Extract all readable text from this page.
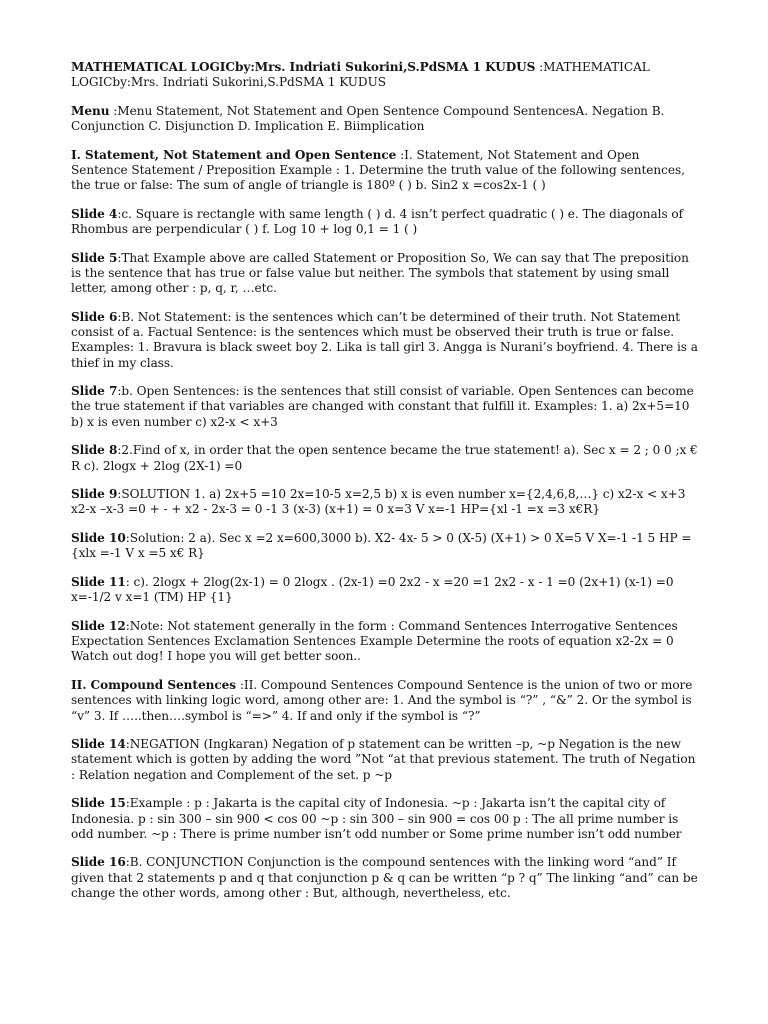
MATHEMATICAL LOGICby:Mrs. Indriati Sukorini,S.PdSMA 1 KUDUS :MATHEMATICAL LOGICby:Mrs. Indriati Sukorini,S.PdSMA 1 KUDUS

Menu :Menu Statement, Not Statement and Open Sentence Compound SentencesA. Negation B. Conjunction C. Disjunction D. Implication E. Biimplication

I. Statement, Not Statement and Open Sentence :I. Statement, Not Statement and Open Sentence Statement / Preposition Example : 1. Determine the truth value of the following sentences, the true or false: The sum of angle of triangle is 180º ( ) b. Sin2 x =cos2x-1 ( )

Slide 4:c. Square is rectangle with same length ( ) d. 4 isn’t perfect quadratic ( ) e. The diagonals of Rhombus are perpendicular ( ) f. Log 10 + log 0,1 = 1 ( )

Slide 5:That Example above are called Statement or Proposition So, We can say that The preposition is the sentence that has true or false value but neither. The symbols that statement by using small letter, among other : p, q, r, …etc.

Slide 6:B. Not Statement: is the sentences which can’t be determined of their truth. Not Statement consist of a. Factual Sentence: is the sentences which must be observed their truth is true or false. Examples: 1. Bravura is black sweet boy 2. Lika is tall girl 3. Angga is Nurani’s boyfriend. 4. There is a thief in my class.

Slide 7:b. Open Sentences: is the sentences that still consist of variable. Open Sentences can become the true statement if that variables are changed with constant that fulfill it. Examples: 1. a) 2x+5=10 b) x is even number c) x2-x < x+3

Slide 8:2.Find of x, in order that the open sentence became the true statement! a). Sec x = 2 ; 0 0 ;x € R c). 2logx + 2log (2X-1) =0

Slide 9:SOLUTION 1. a) 2x+5 =10 2x=10-5 x=2,5 b) x is even number x={2,4,6,8,…} c) x2-x < x+3 x2-x –x-3 =0 + - + x2 - 2x-3 = 0 -1 3 (x-3) (x+1) = 0 x=3 V x=-1 HP={xl -1 =x =3 x€R}

Slide 10:Solution: 2 a). Sec x =2 x=600,3000 b). X2- 4x- 5 > 0 (X-5) (X+1) > 0 X=5 V X=-1 -1 5 HP ={xlx =-1 V x =5 x€ R}

Slide 11: c). 2logx + 2log(2x-1) = 0 2logx . (2x-1) =0 2x2 - x =20 =1 2x2 - x - 1 =0 (2x+1) (x-1) =0 x=-1/2 v x=1 (TM) HP {1}

Slide 12:Note: Not statement generally in the form : Command Sentences Interrogative Sentences Expectation Sentences Exclamation Sentences Example Determine the roots of equation x2-2x = 0 Watch out dog! I hope you will get better soon..

II. Compound Sentences :II. Compound Sentences Compound Sentence is the union of two or more sentences with linking logic word, among other are: 1. And the symbol is “?” , “&” 2. Or the symbol is “v” 3. If …..then….symbol is “=>” 4. If and only if the symbol is “?”

Slide 14:NEGATION (Ingkaran) Negation of p statement can be written –p, ~p Negation is the new statement which is gotten by adding the word ”Not “at that previous statement. The truth of Negation : Relation negation and Complement of the set. p ~p

Slide 15:Example : p : Jakarta is the capital city of Indonesia. ~p : Jakarta isn’t the capital city of Indonesia. p : sin 300 – sin 900 < cos 00 ~p : sin 300 – sin 900 = cos 00 p : The all prime number is odd number. ~p : There is prime number isn’t odd number or Some prime number isn’t odd number

Slide 16:B. CONJUNCTION Conjunction is the compound sentences with the linking word “and” If given that 2 statements p and q that conjunction p & q can be written “p ? q” The linking “and” can be change the other words, among other : But, although, nevertheless, etc.
